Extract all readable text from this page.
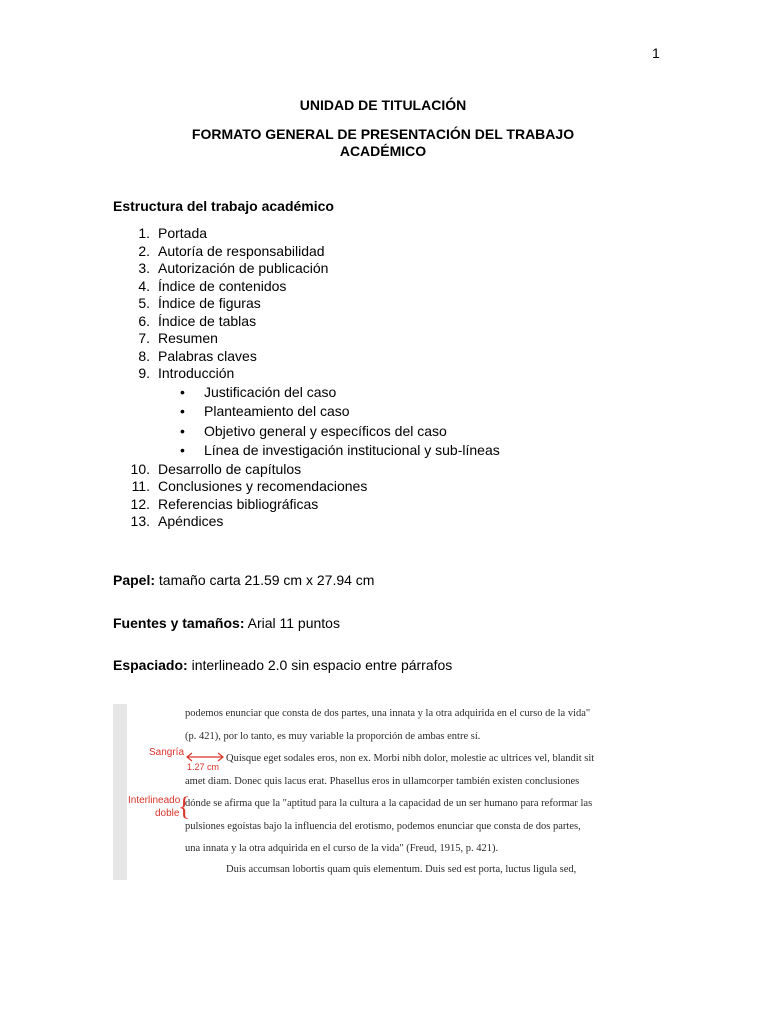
1
UNIDAD DE TITULACIÓN
FORMATO GENERAL DE PRESENTACIÓN DEL TRABAJO
ACADÉMICO
Estructura del trabajo académico
1. Portada
2. Autoría de responsabilidad
3. Autorización de publicación
4. Índice de contenidos
5. Índice de figuras
6. Índice de tablas
7. Resumen
8. Palabras claves
9. Introducción
• Justificación del caso
• Planteamiento del caso
• Objetivo general y específicos del caso
• Línea de investigación institucional y sub-líneas
10. Desarrollo de capítulos
11. Conclusiones y recomendaciones
12. Referencias bibliográficas
13. Apéndices
Papel: tamaño carta 21.59 cm x 27.94 cm
Fuentes y tamaños: Arial 11 puntos
Espaciado: interlineado 2.0 sin espacio entre párrafos
podemos enunciar que consta de dos partes, una innata y la otra adquirida en el curso de la vida"
(p. 421), por lo tanto, es muy variable la proporción de ambas entre sí.
Quisque eget sodales eros, non ex. Morbi nibh dolor, molestie ac ultrices vel, blandit sit
amet diam. Donec quis lacus erat. Phasellus eros in ullamcorper también existen conclusiones
dónde se afirma que la "aptitud para la cultura a la capacidad de un ser humano para reformar las
pulsiones egoístas bajo la influencia del erotismo, podemos enunciar que consta de dos partes,
una innata y la otra adquirida en el curso de la vida" (Freud, 1915, p. 421).
Duis accumsan lobortis quam quis elementum. Duis sed est porta, luctus ligula sed,
Sangría
1.27 cm
Interlineado
doble
{
